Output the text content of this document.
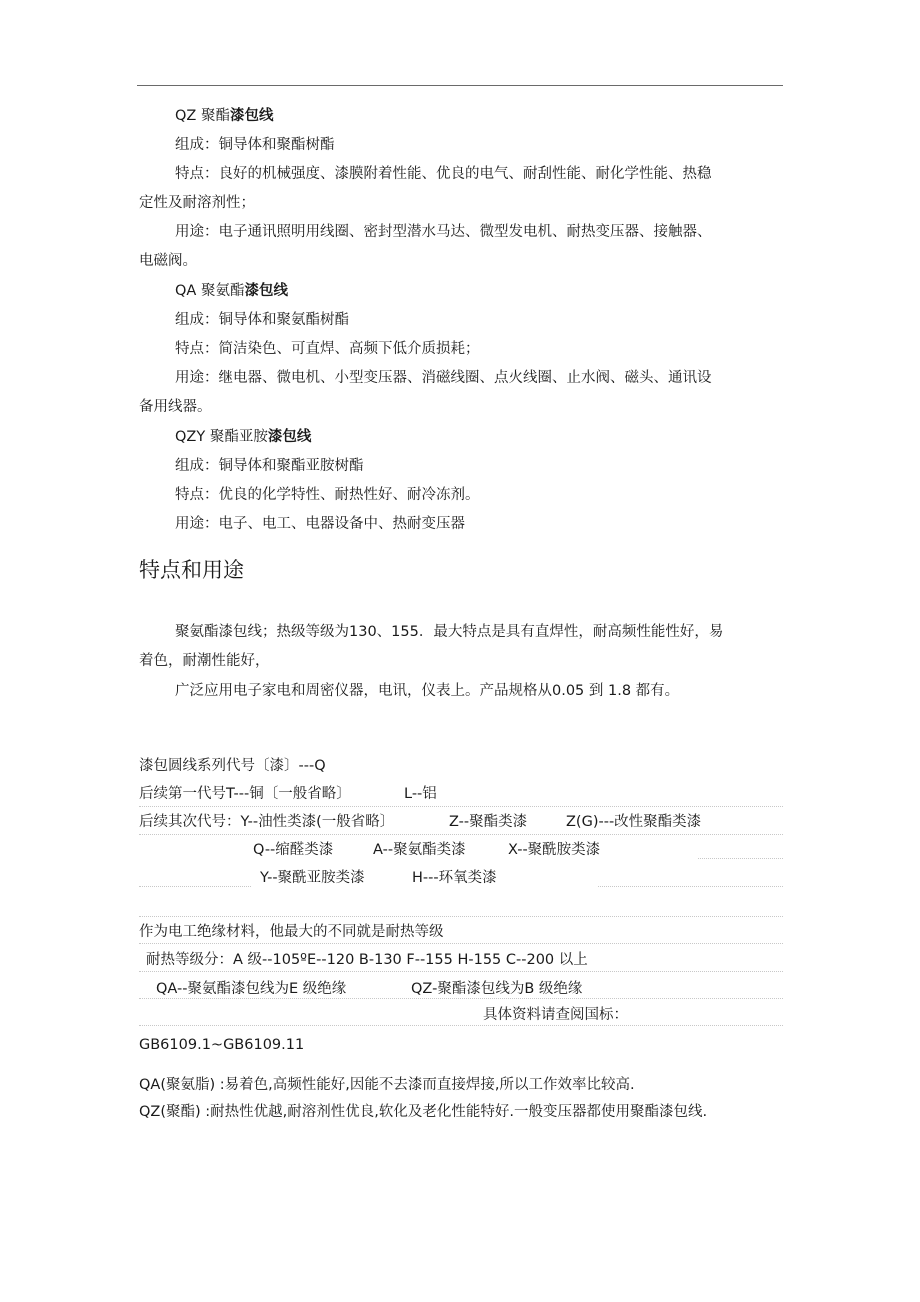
QZ 聚酯漆包线
组成：铜导体和聚酯树酯
特点：良好的机械强度、漆膜附着性能、优良的电气、耐刮性能、耐化学性能、热稳
定性及耐溶剂性；
用途：电子通讯照明用线圈、密封型潜水马达、微型发电机、耐热变压器、接触器、
电磁阀。
QA 聚氨酯漆包线
组成：铜导体和聚氨酯树酯
特点：简洁染色、可直焊、高频下低介质损耗；
用途：继电器、微电机、小型变压器、消磁线圈、点火线圈、止水阀、磁头、通讯设
备用线器。
QZY 聚酯亚胺漆包线
组成：铜导体和聚酯亚胺树酯
特点：优良的化学特性、耐热性好、耐冷冻剂。
用途：电子、电工、电器设备中、热耐变压器
特点和用途
聚氨酯漆包线；热级等级为130、155．最大特点是具有直焊性，耐高频性能性好，易
着色，耐潮性能好，
广泛应用电子家电和周密仪器，电讯，仪表上。产品规格从0.05 到 1.8 都有。
漆包圆线系列代号〔漆〕---Q
后续第一代号T---铜〔一般省略〕	L--铝
后续其次代号：Y--油性类漆(一般省略〕	Z--聚酯类漆	Z(G)---改性聚酯类漆
Q--缩醛类漆	A--聚氨酯类漆	X--聚酰胺类漆
Y--聚酰亚胺类漆	H---环氧类漆
作为电工绝缘材料，他最大的不同就是耐热等级
耐热等级分：A 级--105ºE--120 B-130 F--155 H-155 C--200 以上
QA--聚氨酯漆包线为E 级绝缘	QZ-聚酯漆包线为B 级绝缘
具体资料请查阅国标：
GB6109.1~GB6109.11
QA(聚氨脂) :易着色,高频性能好,因能不去漆而直接焊接,所以工作效率比较高.
QZ(聚酯) :耐热性优越,耐溶剂性优良,软化及老化性能特好.一般变压器都使用聚酯漆包线.
